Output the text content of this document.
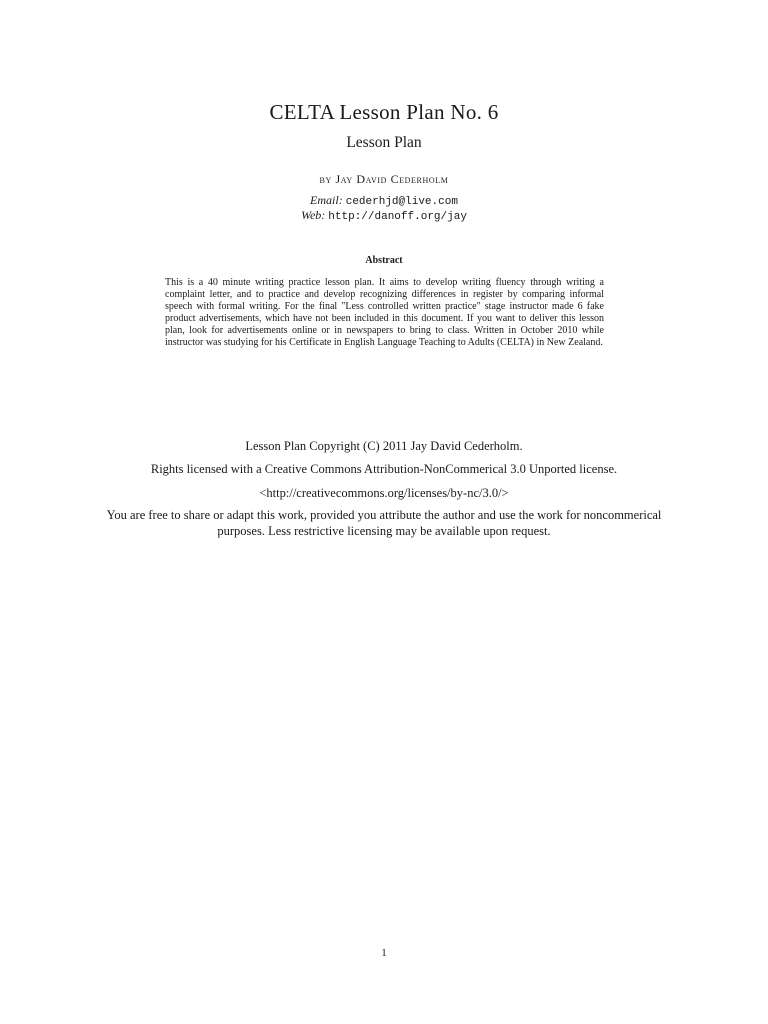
CELTA Lesson Plan No. 6
Lesson Plan
by Jay David Cederholm
Email: cederhjd@live.com
Web: http://danoff.org/jay
Abstract

This is a 40 minute writing practice lesson plan. It aims to develop writing fluency through writing a complaint letter, and to practice and develop recognizing differences in register by comparing informal speech with formal writing. For the final "Less controlled written practice" stage instructor made 6 fake product advertisements, which have not been included in this document. If you want to deliver this lesson plan, look for advertisements online or in newspapers to bring to class. Written in October 2010 while instructor was studying for his Certificate in English Language Teaching to Adults (CELTA) in New Zealand.

Lesson Plan Copyright (C) 2011 Jay David Cederholm.

Rights licensed with a Creative Commons Attribution-NonCommerical 3.0 Unported license.

<http://creativecommons.org/licenses/by-nc/3.0/>

You are free to share or adapt this work, provided you attribute the author and use the work for noncommerical purposes. Less restrictive licensing may be available upon request.

1
